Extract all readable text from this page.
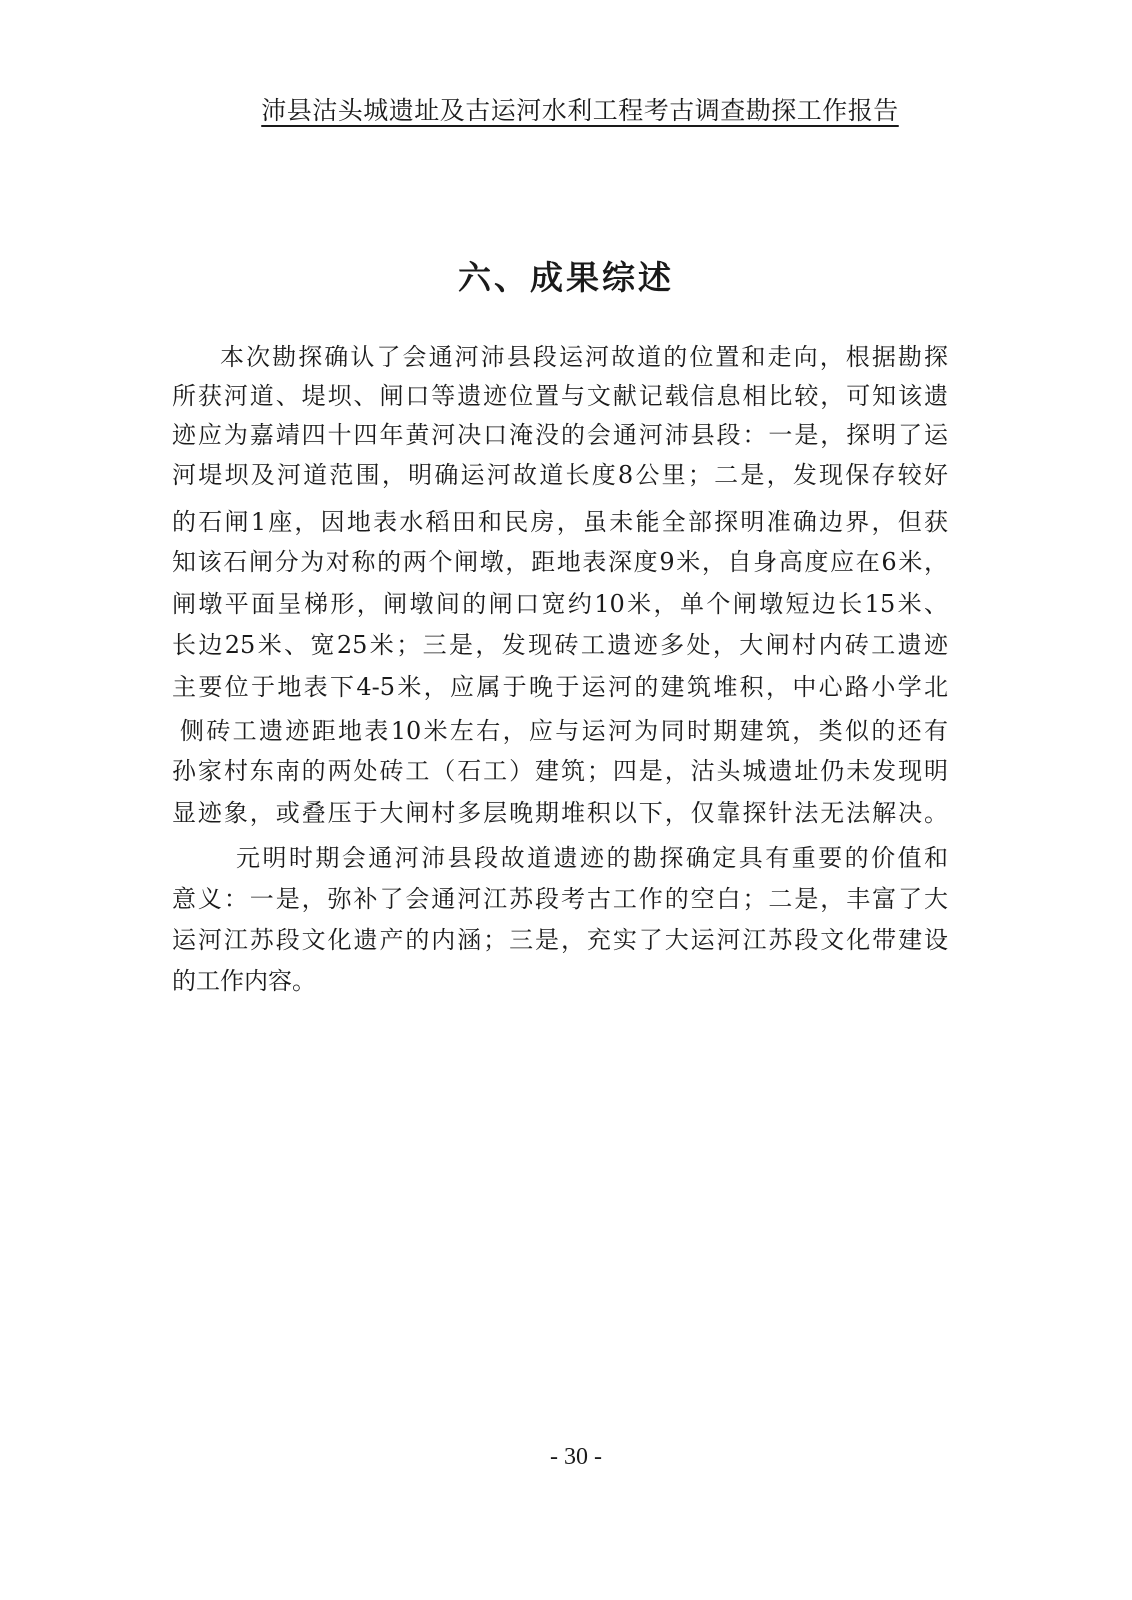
沛县沽头城遗址及古运河水利工程考古调查勘探工作报告
六、成果综述
本次勘探确认了会通河沛县段运河故道的位置和走向，根据勘探
所获河道、堤坝、闸口等遗迹位置与文献记载信息相比较，可知该遗
迹应为嘉靖四十四年黄河决口淹没的会通河沛县段：一是，探明了运
河堤坝及河道范围，明确运河故道长度8公里；二是，发现保存较好
的石闸1座，因地表水稻田和民房，虽未能全部探明准确边界，但获
知该石闸分为对称的两个闸墩，距地表深度9米，自身高度应在6米，
闸墩平面呈梯形，闸墩间的闸口宽约10米，单个闸墩短边长15米、
长边25米、宽25米；三是，发现砖工遗迹多处，大闸村内砖工遗迹
主要位于地表下4-5米，应属于晚于运河的建筑堆积，中心路小学北
侧砖工遗迹距地表10米左右，应与运河为同时期建筑，类似的还有
孙家村东南的两处砖工（石工）建筑；四是，沽头城遗址仍未发现明
显迹象，或叠压于大闸村多层晚期堆积以下，仅靠探针法无法解决。
元明时期会通河沛县段故道遗迹的勘探确定具有重要的价值和
意义：一是，弥补了会通河江苏段考古工作的空白；二是，丰富了大
运河江苏段文化遗产的内涵；三是，充实了大运河江苏段文化带建设
的工作内容。
- 30 -
